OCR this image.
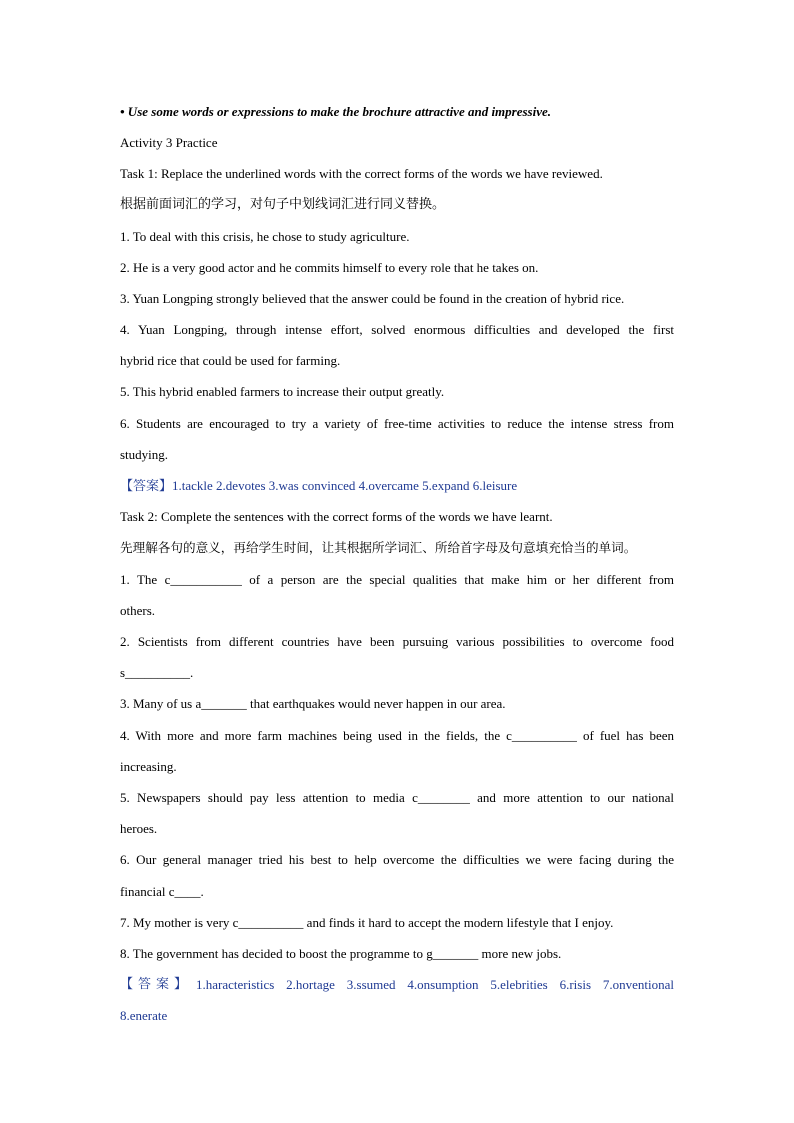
• Use some words or expressions to make the brochure attractive and impressive.
Activity 3 Practice
Task 1: Replace the underlined words with the correct forms of the words we have reviewed.
根据前面词汇的学习，对句子中划线词汇进行同义替换。
1. To deal with this crisis, he chose to study agriculture.
2. He is a very good actor and he commits himself to every role that he takes on.
3. Yuan Longping strongly believed that the answer could be found in the creation of hybrid rice.
4. Yuan Longping, through intense effort, solved enormous difficulties and developed the first
hybrid rice that could be used for farming.
5. This hybrid enabled farmers to increase their output greatly.
6. Students are encouraged to try a variety of free-time activities to reduce the intense stress from
studying.
【答案】1.tackle 2.devotes 3.was convinced 4.overcame 5.expand 6.leisure
Task 2: Complete the sentences with the correct forms of the words we have learnt.
先理解各句的意义，再给学生时间，让其根据所学词汇、所给首字母及句意填充恰当的单词。
1. The c___________ of a person are the special qualities that make him or her different from
others.
2. Scientists from different countries have been pursuing various possibilities to overcome food
s__________.
3. Many of us a_______ that earthquakes would never happen in our area.
4. With more and more farm machines being used in the fields, the c__________ of fuel has been
increasing.
5. Newspapers should pay less attention to media c________ and more attention to our national
heroes.
6. Our general manager tried his best to help overcome the difficulties we were facing during the
financial c____.
7. My mother is very c__________ and finds it hard to accept the modern lifestyle that I enjoy.
8. The government has decided to boost the programme to g_______ more new jobs.
【答案】 1.haracteristics 2.hortage 3.ssumed 4.onsumption 5.elebrities 6.risis 7.onventional
8.enerate
